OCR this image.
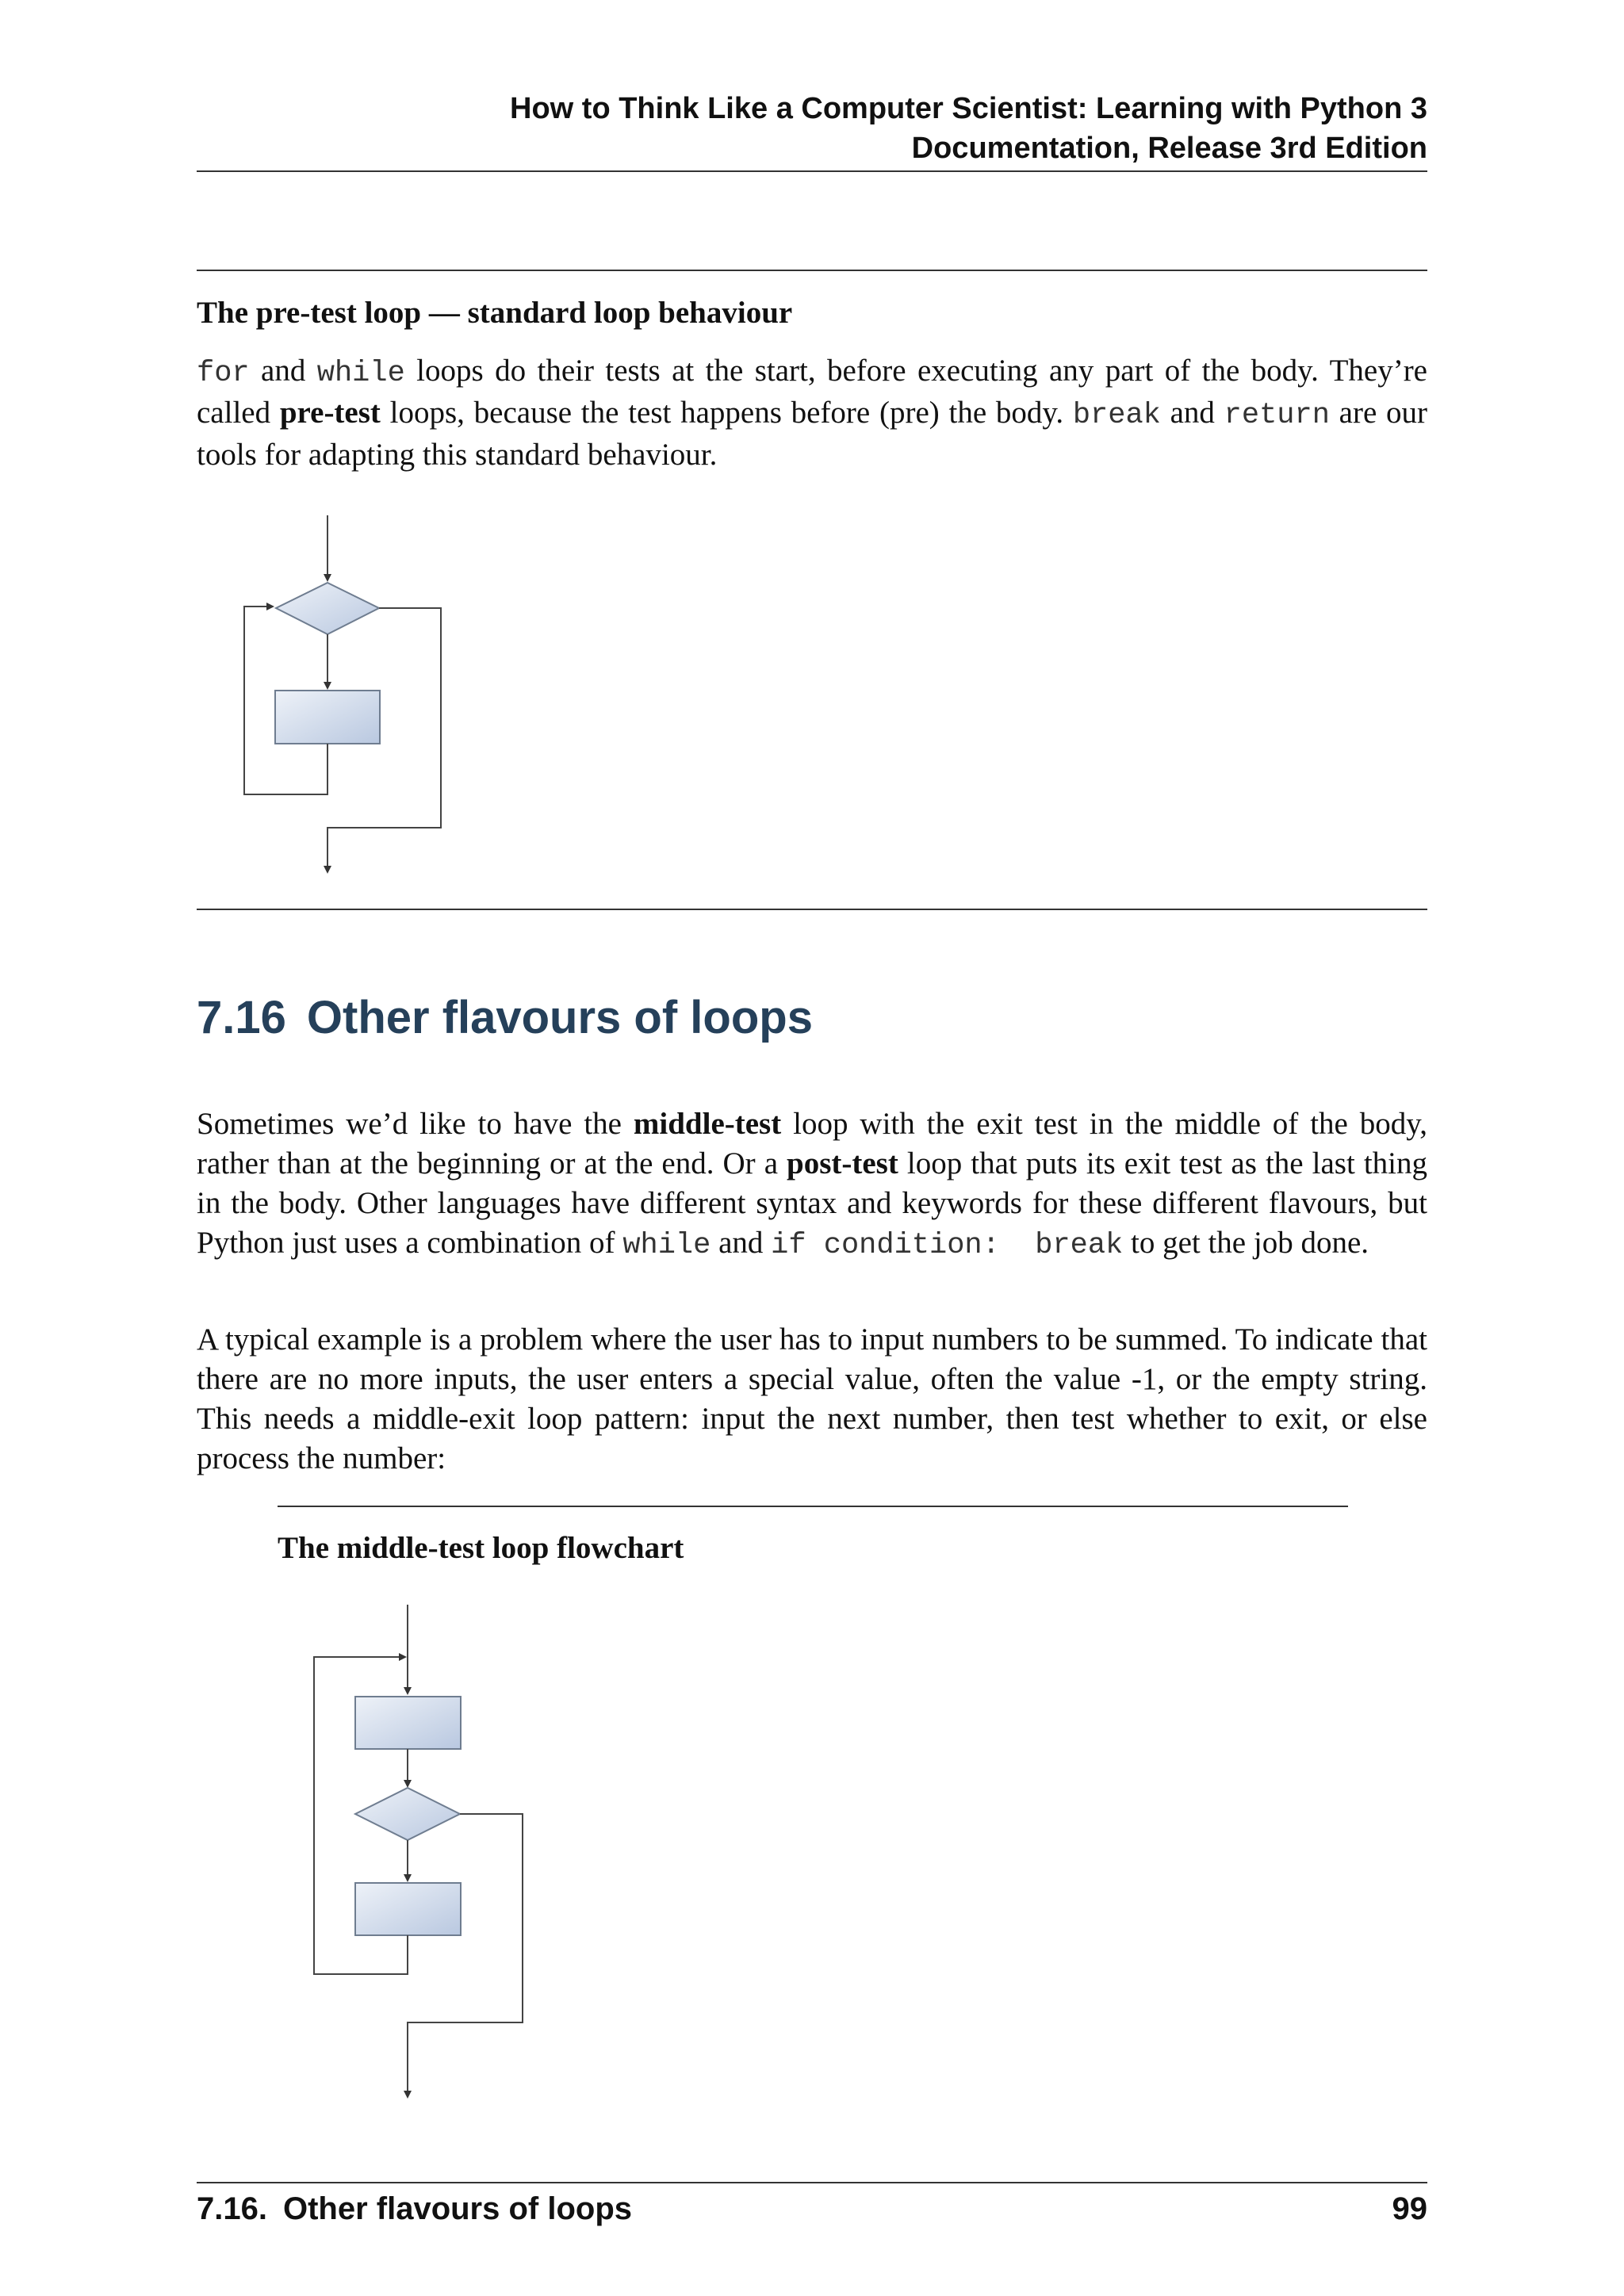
How to Think Like a Computer Scientist: Learning with Python 3
Documentation, Release 3rd Edition
The pre-test loop — standard loop behaviour
for and while loops do their tests at the start, before executing any part of the body. They’re called pre-test loops, because the test happens before (pre) the body. break and return are our tools for adapting this standard behaviour.
7.16 Other flavours of loops
Sometimes we’d like to have the middle-test loop with the exit test in the middle of the body, rather than at the beginning or at the end. Or a post-test loop that puts its exit test as the last thing in the body. Other languages have different syntax and keywords for these different flavours, but Python just uses a combination of while and if condition:  break to get the job done.
A typical example is a problem where the user has to input numbers to be summed. To indicate that there are no more inputs, the user enters a special value, often the value -1, or the empty string. This needs a middle-exit loop pattern: input the next number, then test whether to exit, or else process the number:
The middle-test loop flowchart
7.16. Other flavours of loops	99
